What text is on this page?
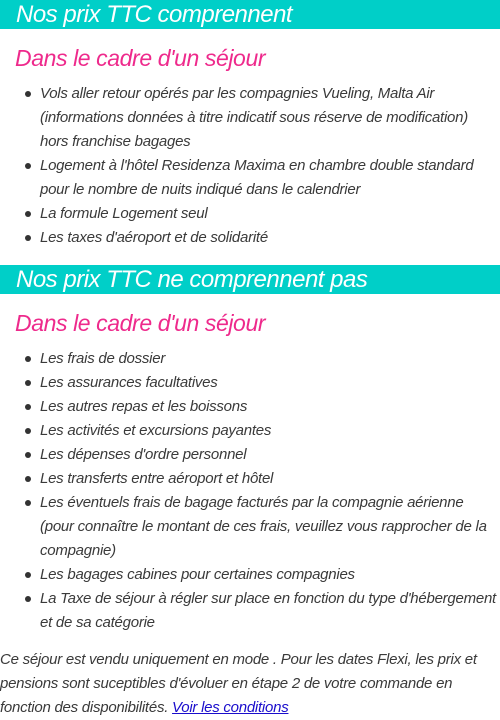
Nos prix TTC comprennent
Dans le cadre d'un séjour
Vols aller retour opérés par les compagnies Vueling, Malta Air (informations données à titre indicatif sous réserve de modification) hors franchise bagages
Logement à l'hôtel Residenza Maxima en chambre double standard pour le nombre de nuits indiqué dans le calendrier
La formule Logement seul
Les taxes d'aéroport et de solidarité
Nos prix TTC ne comprennent pas
Dans le cadre d'un séjour
Les frais de dossier
Les assurances facultatives
Les autres repas et les boissons
Les activités et excursions payantes
Les dépenses d'ordre personnel
Les transferts entre aéroport et hôtel
Les éventuels frais de bagage facturés par la compagnie aérienne (pour connaître le montant de ces frais, veuillez vous rapprocher de la compagnie)
Les bagages cabines pour certaines compagnies
La Taxe de séjour à régler sur place en fonction du type d'hébergement et de sa catégorie

Ce séjour est vendu uniquement en mode . Pour les dates Flexi, les prix et pensions sont suceptibles d'évoluer en étape 2 de votre commande en fonction des disponibilités. Voir les conditions
